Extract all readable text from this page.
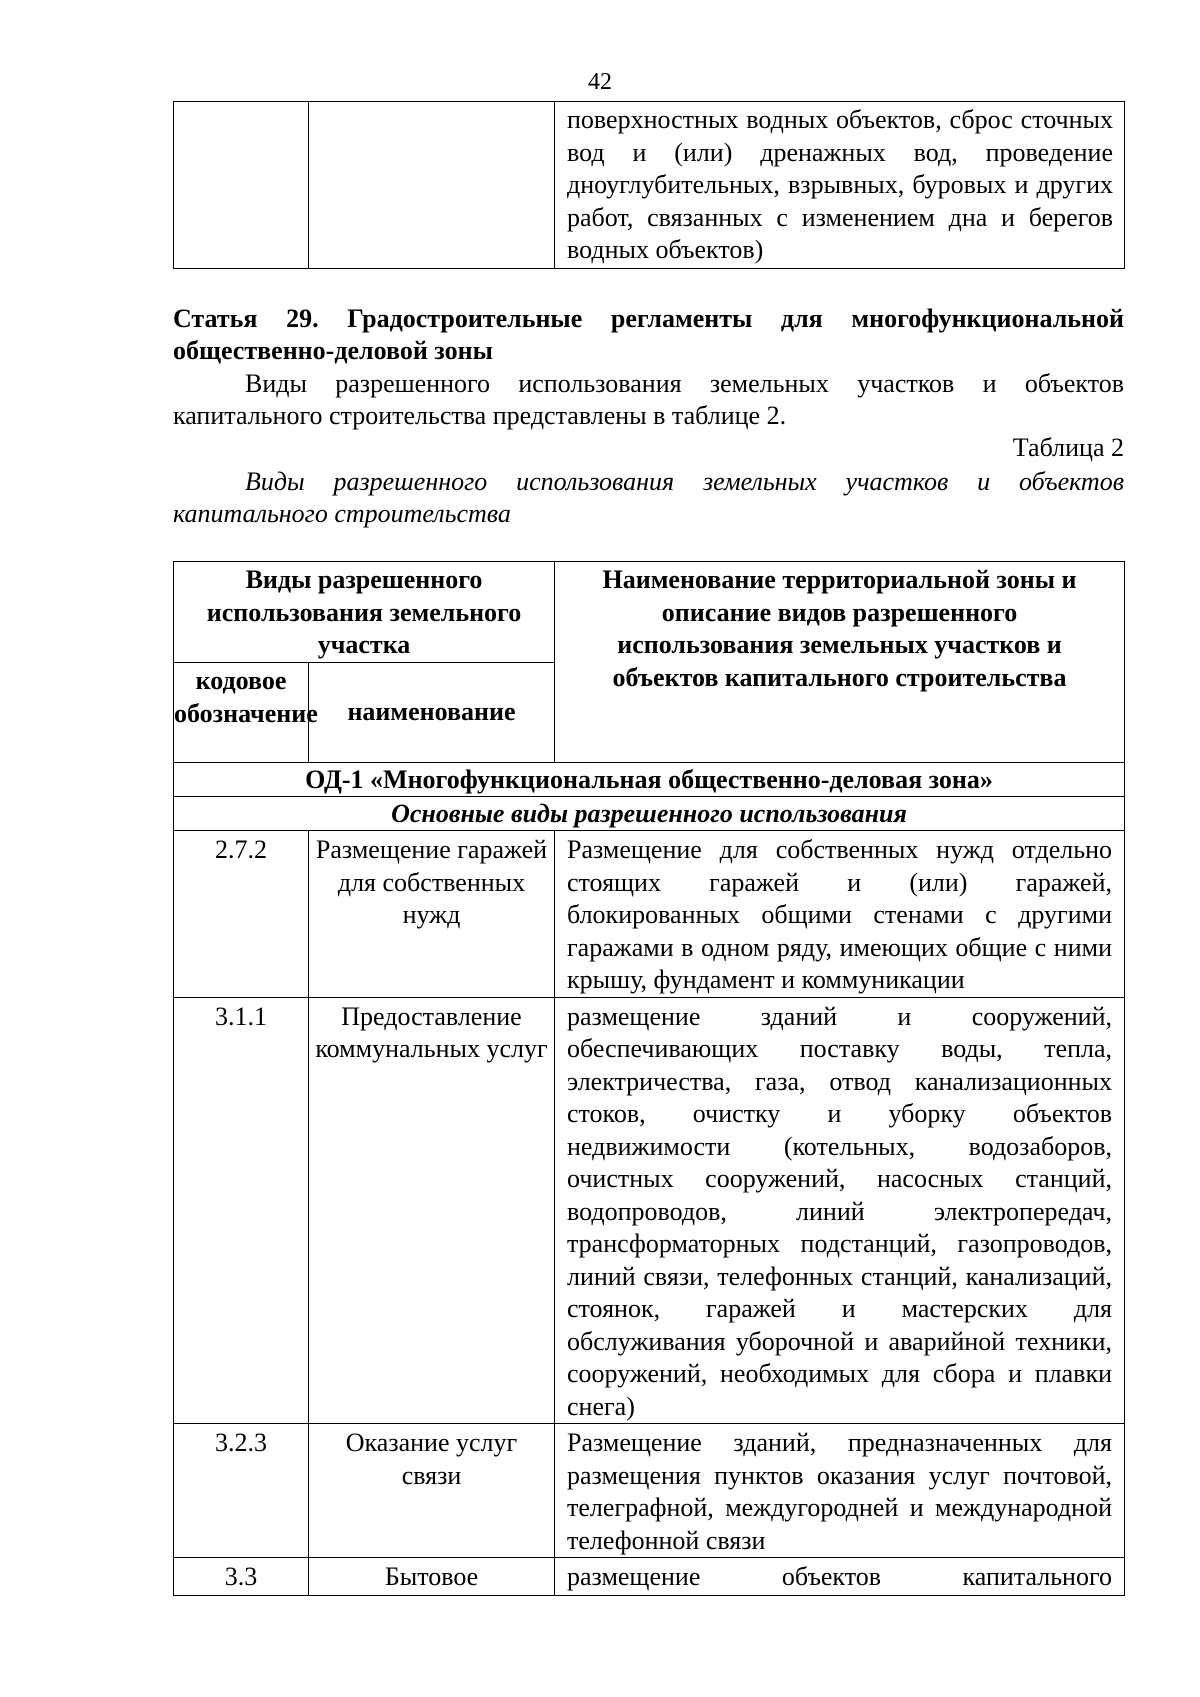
42
		поверхностных водных объектов, сброс сточных вод и (или) дренажных вод, проведение дноуглубительных, взрывных, буровых и других работ, связанных с изменением дна и берегов водных объектов)
Статья 29. Градостроительные регламенты для многофункциональной общественно-деловой зоны
Виды разрешенного использования земельных участков и объектов капитального строительства представлены в таблице 2.
Таблица 2
Виды разрешенного использования земельных участков и объектов капитального строительства
Виды разрешенного использования земельного участка		Наименование территориальной зоны и описание видов разрешенного использования земельных участков и объектов капитального строительства
кодовое обозначение	наименование	
ОД-1 «Многофункциональная общественно-деловая зона»		
Основные виды разрешенного использования		
2.7.2	Размещение гаражей для собственных нужд	Размещение для собственных нужд отдельно стоящих гаражей и (или) гаражей, блокированных общими стенами с другими гаражами в одном ряду, имеющих общие с ними крышу, фундамент и коммуникации
3.1.1	Предоставление коммунальных услуг	размещение зданий и сооружений, обеспечивающих поставку воды, тепла, электричества, газа, отвод канализационных стоков, очистку и уборку объектов недвижимости (котельных, водозаборов, очистных сооружений, насосных станций, водопроводов, линий электропередач, трансформаторных подстанций, газопроводов, линий связи, телефонных станций, канализаций, стоянок, гаражей и мастерских для обслуживания уборочной и аварийной техники, сооружений, необходимых для сбора и плавки снега)
3.2.3	Оказание услуг связи	Размещение зданий, предназначенных для размещения пунктов оказания услуг почтовой, телеграфной, междугородней и международной телефонной связи
3.3	Бытовое	размещение объектов капитального
